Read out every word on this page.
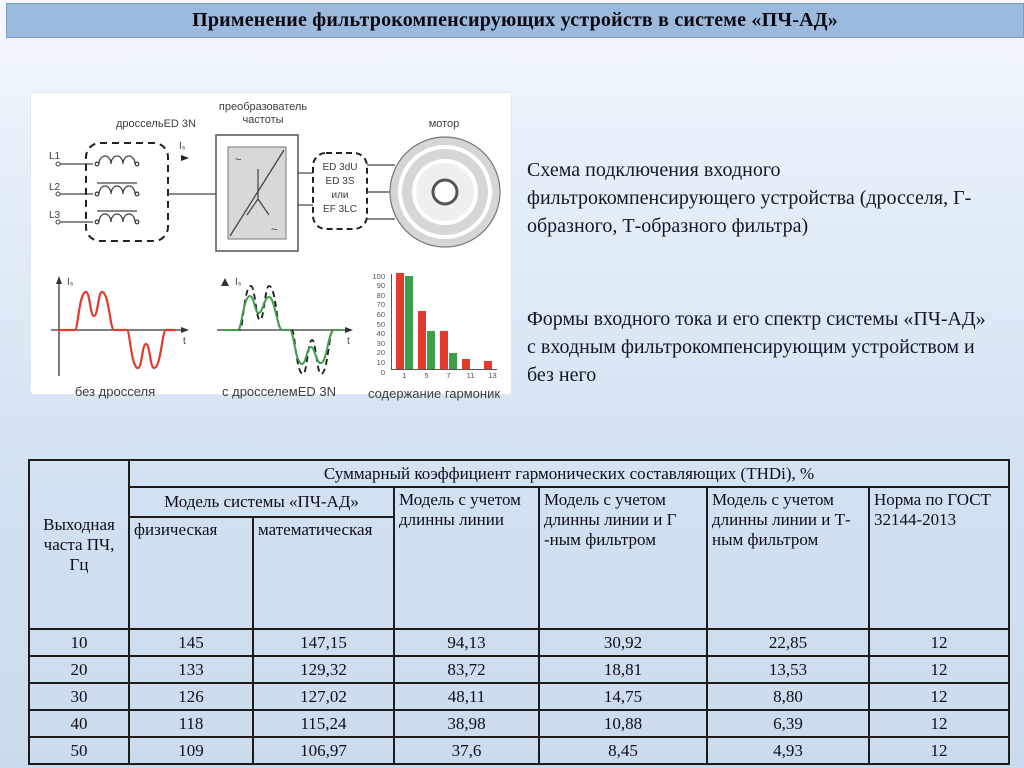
Применение фильтрокомпенсирующих устройств в системе «ПЧ-АД»
дроссельED 3N
преобразователь
частоты	мотор
L1
L2
L3
Iₛ
~
~
ED 3dU
ED 3S
или
EF 3LC
Iₛ
t
без дросселя
Iₛ
t
с дросселемED 3N
100
90
80
70
60
50
40
30
20
10
0	1	5	7	11	13
содержание гармоник
Схема подключения входного фильтрокомпенсирующего устройства (дросселя, Г-образного, Т-образного фильтра)
Формы входного тока и его спектр системы «ПЧ-АД» с входным фильтрокомпенсирующим устройством и без него
Выходная часта ПЧ, Гц	Суммарный коэффициент гармонических составляющих (THDi), %					
	Модель системы «ПЧ-АД»		Модель с учетом длинны линии	Модель с учетом длинны линии и Г -ным фильтром	Модель с учетом длинны линии и Т-ным фильтром	Норма по ГОСТ 32144-2013
	физическая	математическая				
10	145	147,15	94,13	30,92	22,85	12
20	133	129,32	83,72	18,81	13,53	12
30	126	127,02	48,11	14,75	8,80	12
40	118	115,24	38,98	10,88	6,39	12
50	109	106,97	37,6	8,45	4,93	12
